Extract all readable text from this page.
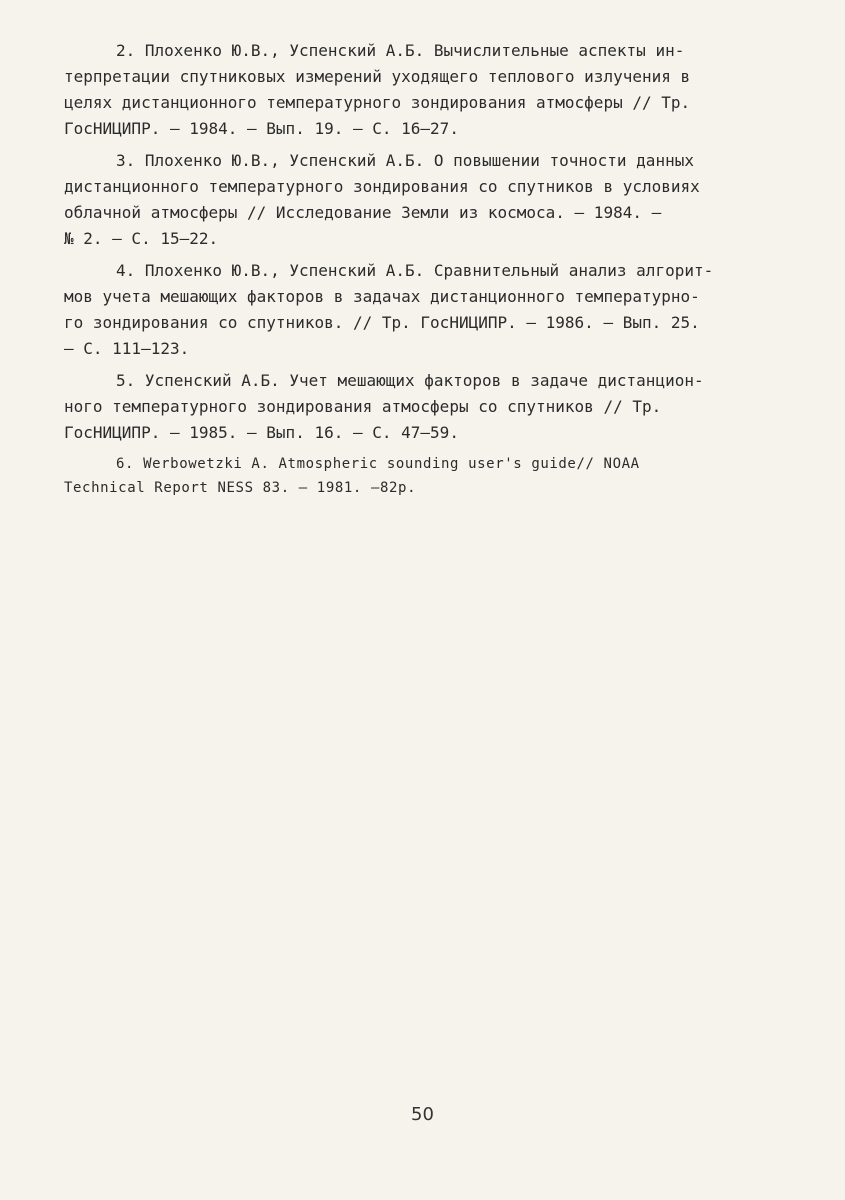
2. Плохенко Ю.В., Успенский А.Б. Вычислительные аспекты ин-
терпретации спутниковых измерений уходящего теплового излучения в
целях дистанционного температурного зондирования атмосферы // Тр.
ГосНИЦИПР. – 1984. – Вып. 19. – С. 16–27.
3. Плохенко Ю.В., Успенский А.Б. О повышении точности данных
дистанционного температурного зондирования со спутников в условиях
облачной атмосферы // Исследование Земли из космоса. – 1984. –
№ 2. – С. 15–22.
4. Плохенко Ю.В., Успенский А.Б. Сравнительный анализ алгорит-
мов учета мешающих факторов в задачах дистанционного температурно-
го зондирования со спутников. // Тр. ГосНИЦИПР. – 1986. – Вып. 25.
– С. 111–123.
5. Успенский А.Б. Учет мешающих факторов в задаче дистанцион-
ного температурного зондирования атмосферы со спутников // Тр.
ГосНИЦИПР. – 1985. – Вып. 16. – С. 47–59.
6. Werbowetzki A. Atmospheric sounding user's guide// NOAA
Technical Report NESS 83. – 1981. –82р.
50
